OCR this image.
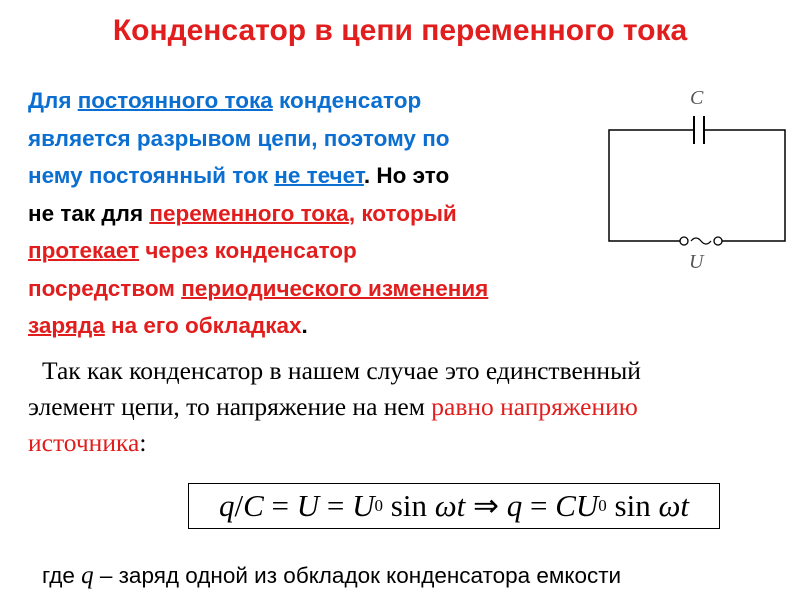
Конденсатор в цепи переменного тока
Для постоянного тока конденсатор
является разрывом цепи, поэтому по
нему постоянный ток не течет. Но это
не так для переменного тока, который
протекает через конденсатор
посредством периодического изменения
заряда на его обкладках.
C
U
Так как конденсатор в нашем случае это единственный
элемент цепи, то напряжение на нем равно напряжению
источника:
q / C = U = U 0 sin ω t ⇒ q = CU 0 sin ω t
где q – заряд одной из обкладок конденсатора емкости
